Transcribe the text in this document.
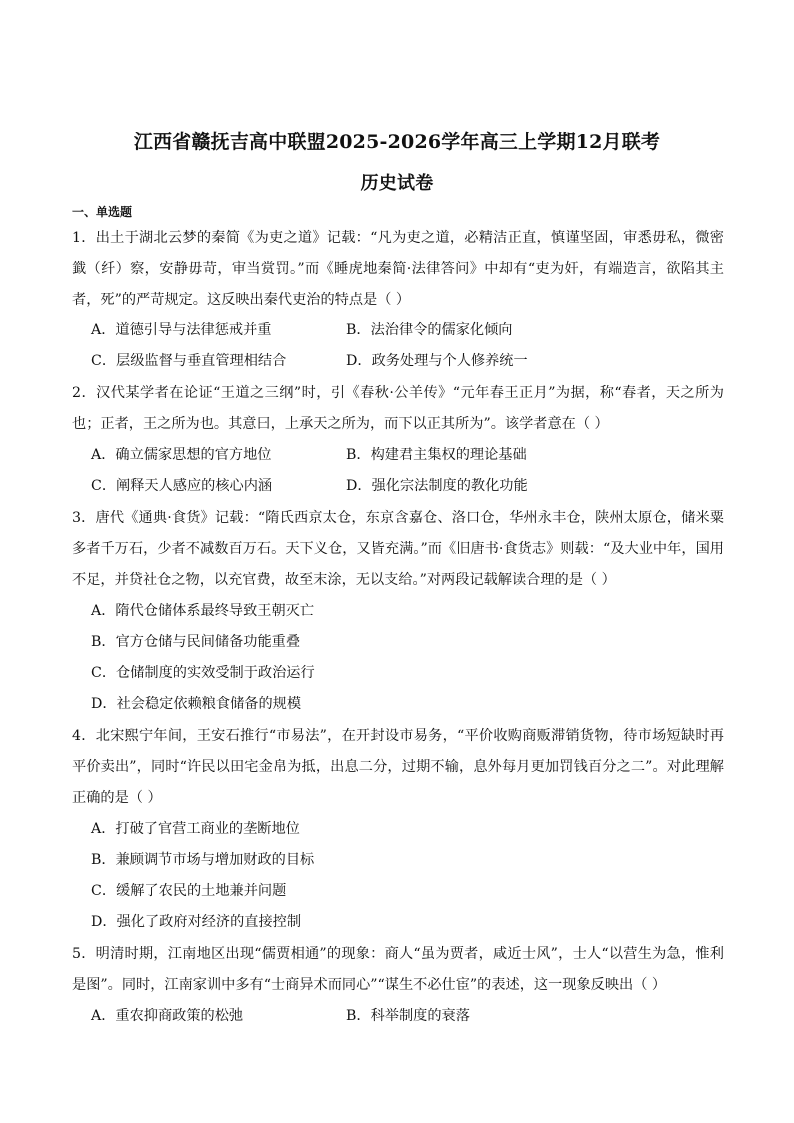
江西省赣抚吉高中联盟2025-2026学年高三上学期12月联考
历史试卷
一、单选题
1．出土于湖北云梦的秦简《为吏之道》记载：“凡为吏之道，必精洁正直，慎谨坚固，审悉毋私，微密韱（纤）察，安静毋苛，审当赏罚。”而《睡虎地秦简·法律答问》中却有“吏为奸，有端造言，欲陷其主者，死”的严苛规定。这反映出秦代吏治的特点是（ ）
A．道德引导与法律惩戒并重	B．法治律令的儒家化倾向
C．层级监督与垂直管理相结合	D．政务处理与个人修养统一
2．汉代某学者在论证“王道之三纲”时，引《春秋·公羊传》“元年春王正月”为据，称“春者，天之所为也；正者，王之所为也。其意曰，上承天之所为，而下以正其所为”。该学者意在（ ）
A．确立儒家思想的官方地位	B．构建君主集权的理论基础
C．阐释天人感应的核心内涵	D．强化宗法制度的教化功能
3．唐代《通典·食货》记载：“隋氏西京太仓，东京含嘉仓、洛口仓，华州永丰仓，陕州太原仓，储米粟多者千万石，少者不减数百万石。天下义仓，又皆充满。”而《旧唐书·食货志》则载：“及大业中年，国用不足，并贷社仓之物，以充官费，故至末涂，无以支给。”对两段记载解读合理的是（ ）
A．隋代仓储体系最终导致王朝灭亡
B．官方仓储与民间储备功能重叠
C．仓储制度的实效受制于政治运行
D．社会稳定依赖粮食储备的规模
4．北宋熙宁年间，王安石推行“市易法”，在开封设市易务，“平价收购商贩滞销货物，待市场短缺时再平价卖出”，同时“许民以田宅金帛为抵，出息二分，过期不输，息外每月更加罚钱百分之二”。对此理解正确的是（ ）
A．打破了官营工商业的垄断地位
B．兼顾调节市场与增加财政的目标
C．缓解了农民的土地兼并问题
D．强化了政府对经济的直接控制
5．明清时期，江南地区出现“儒贾相通”的现象：商人“虽为贾者，咸近士风”，士人“以营生为急，惟利是图”。同时，江南家训中多有“士商异术而同心”“谋生不必仕宦”的表述，这一现象反映出（ ）
A．重农抑商政策的松弛	B．科举制度的衰落
